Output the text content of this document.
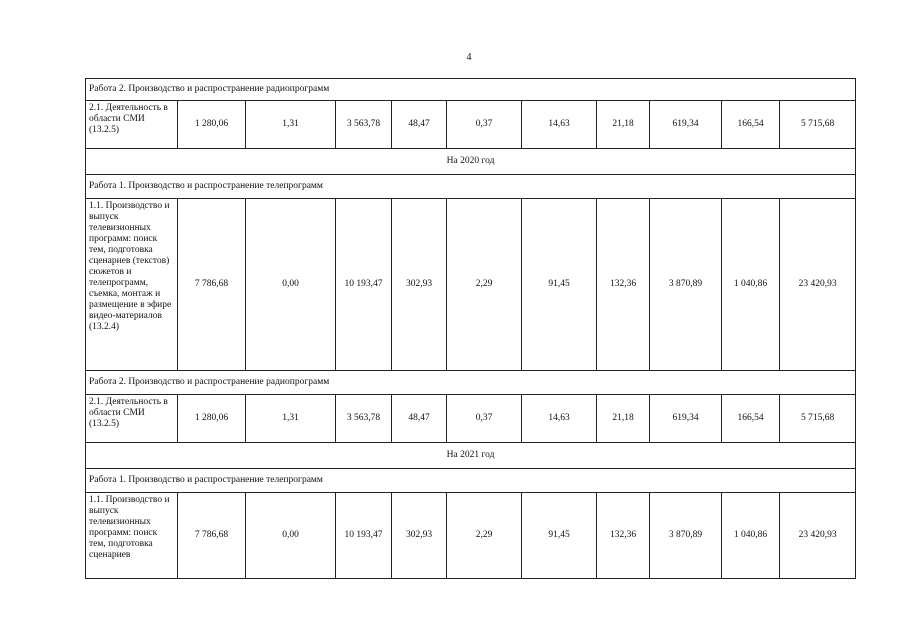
4
Работа 2. Производство и распространение радиопрограмм										
2.1. Деятельность в области СМИ (13.2.5)	1 280,06	1,31	3 563,78	48,47	0,37	14,63	21,18	619,34	166,54	5 715,68
На 2020 год										
Работа 1. Производство и распространение телепрограмм										
1.1. Производство и выпуск телевизионных программ: поиск тем, подготовка сценариев (текстов) сюжетов и телепрограмм, съемка, монтаж и размещение в эфире видео-материалов (13.2.4)	7 786,68	0,00	10 193,47	302,93	2,29	91,45	132,36	3 870,89	1 040,86	23 420,93
Работа 2. Производство и распространение радиопрограмм										
2.1. Деятельность в области СМИ (13.2.5)	1 280,06	1,31	3 563,78	48,47	0,37	14,63	21,18	619,34	166,54	5 715,68
На 2021 год										
Работа 1. Производство и распространение телепрограмм										
1.1. Производство и выпуск телевизионных программ: поиск тем, подготовка сценариев	7 786,68	0,00	10 193,47	302,93	2,29	91,45	132,36	3 870,89	1 040,86	23 420,93
